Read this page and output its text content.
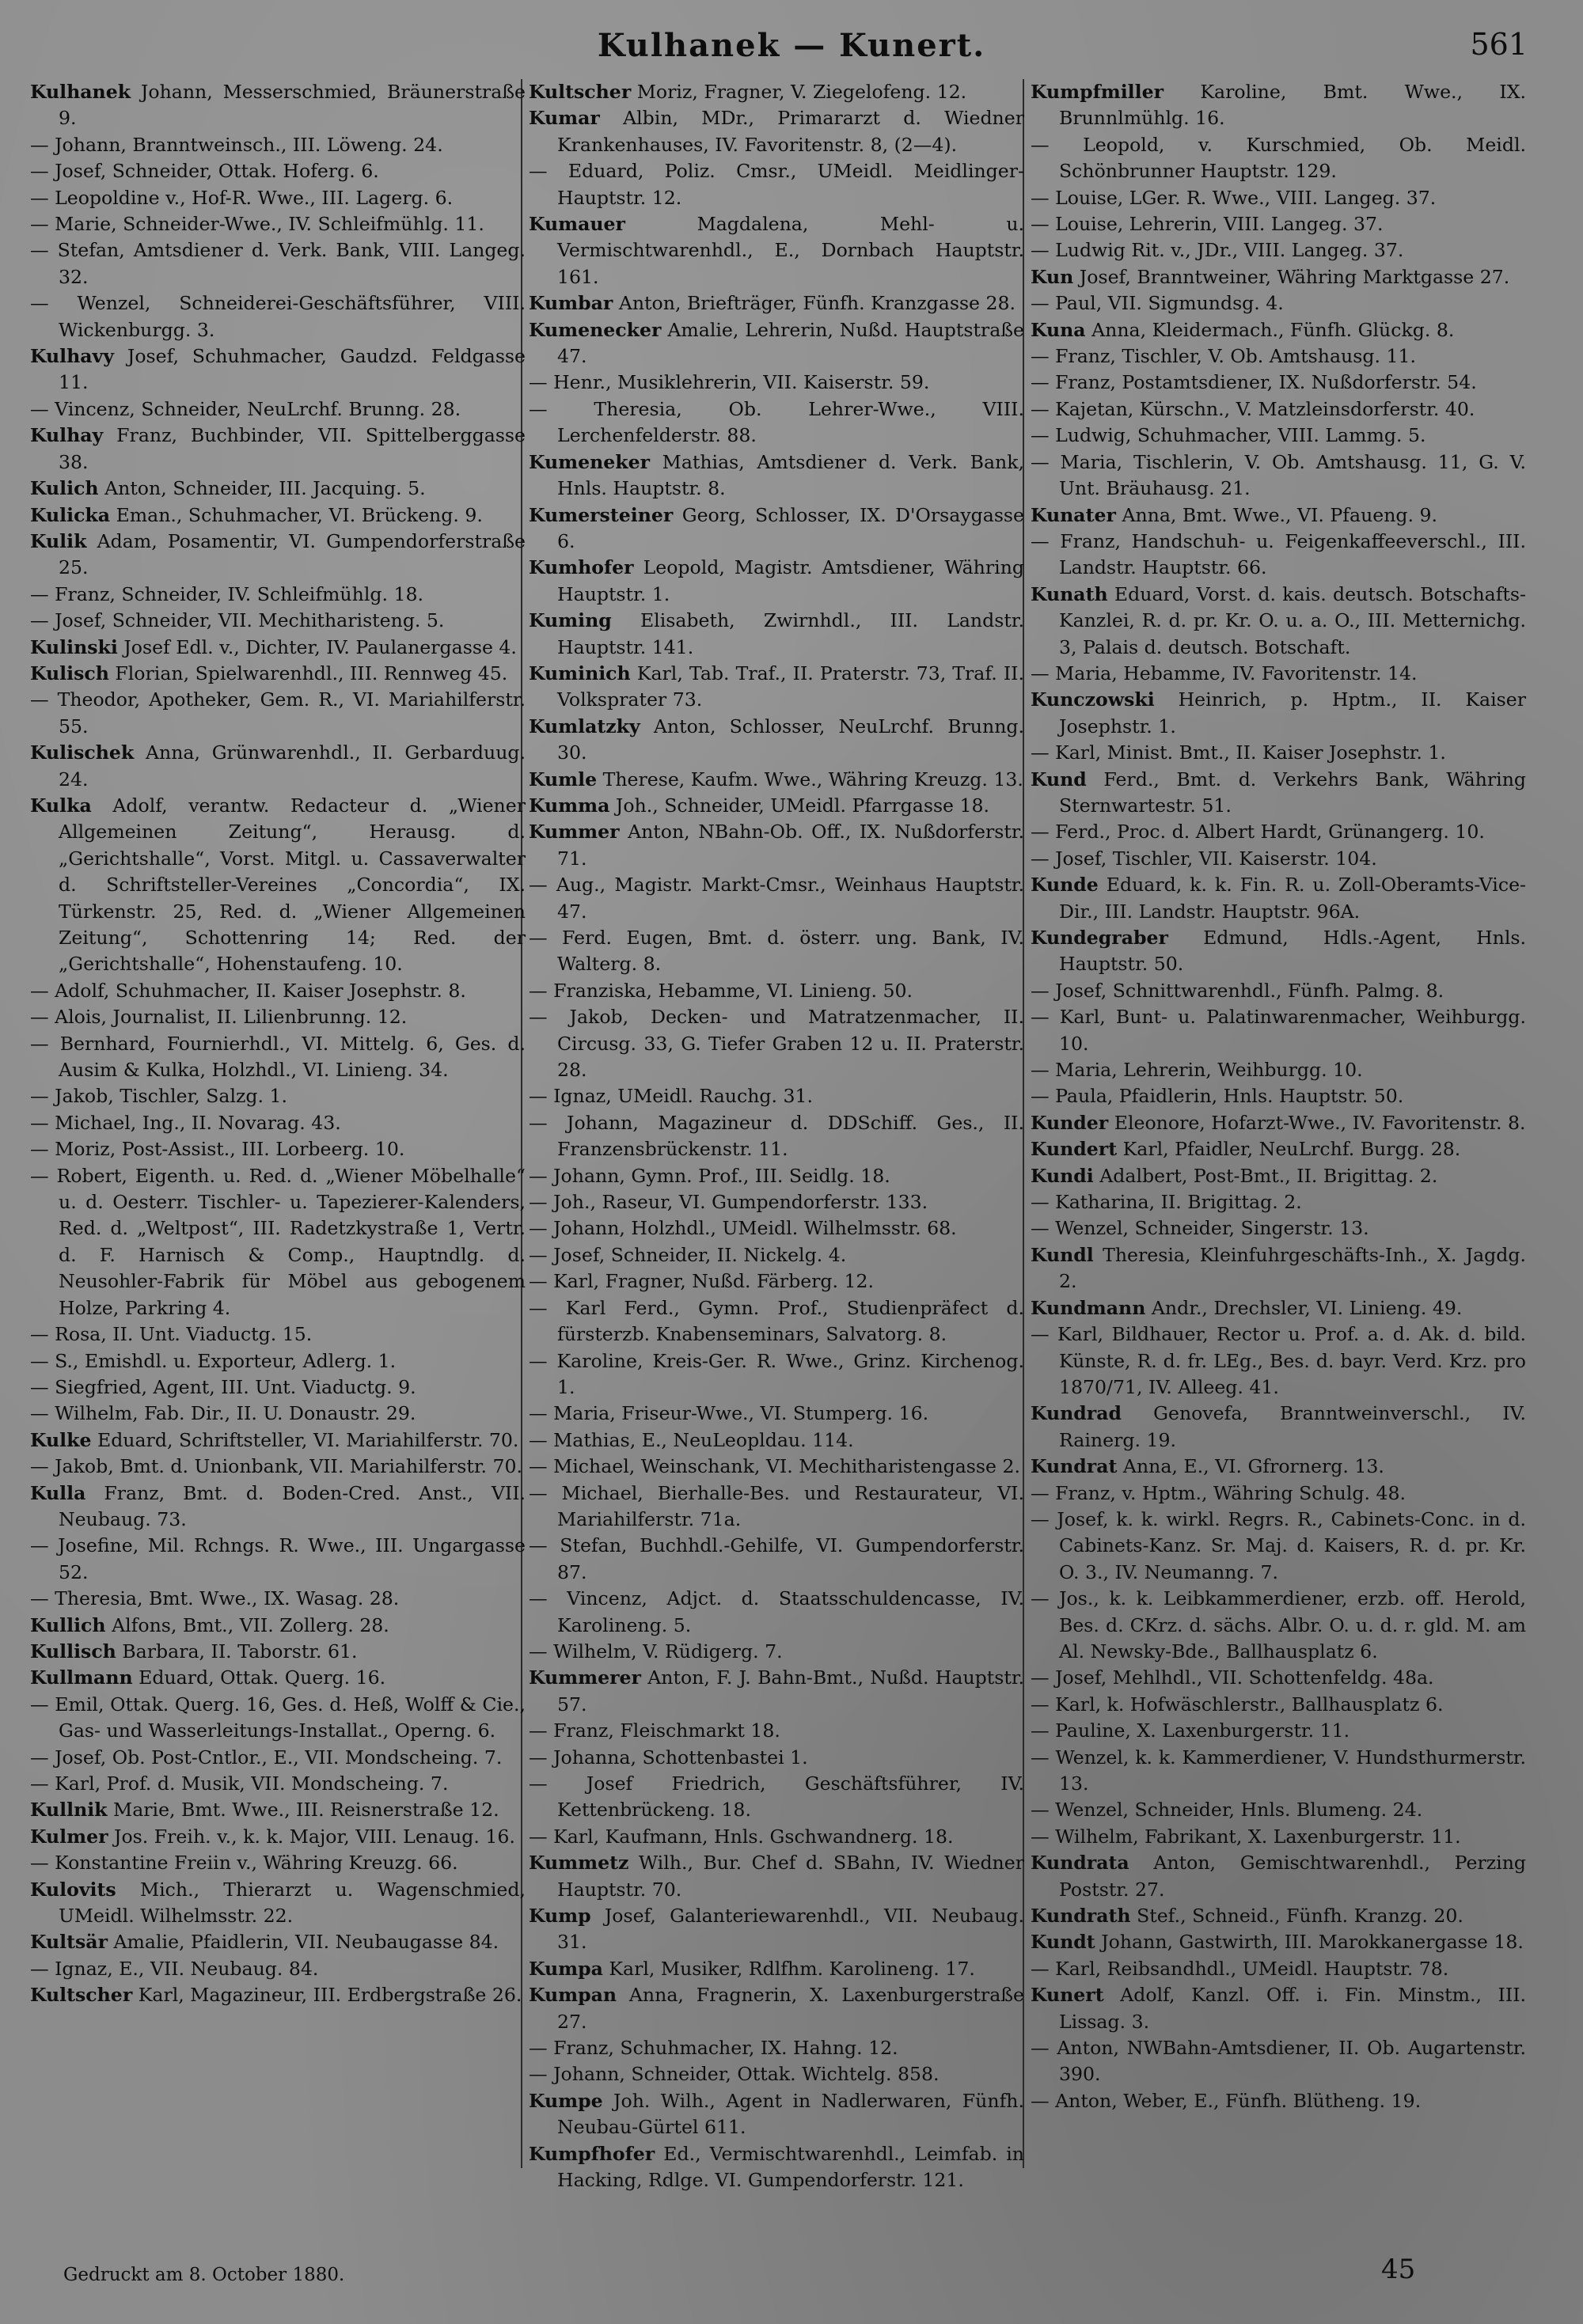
Kulhanek — Kunert.	561

Kulhanek Johann, Messerschmied, Bräunerstraße 9.

— Johann, Branntweinsch., III. Löweng. 24.

— Josef, Schneider, Ottak. Hoferg. 6.

— Leopoldine v., Hof-R. Wwe., III. Lagerg. 6.

— Marie, Schneider-Wwe., IV. Schleifmühlg. 11.

— Stefan, Amtsdiener d. Verk. Bank, VIII. Langeg. 32.

— Wenzel, Schneiderei-Geschäftsführer, VIII. Wickenburgg. 3.

Kulhavy Josef, Schuhmacher, Gaudzd. Feldgasse 11.

— Vincenz, Schneider, NeuLrchf. Brunng. 28.

Kulhay Franz, Buchbinder, VII. Spittelberggasse 38.

Kulich Anton, Schneider, III. Jacquing. 5.

Kulicka Eman., Schuhmacher, VI. Brückeng. 9.

Kulik Adam, Posamentir, VI. Gumpendorferstraße 25.

— Franz, Schneider, IV. Schleifmühlg. 18.

— Josef, Schneider, VII. Mechitharisteng. 5.

Kulinski Josef Edl. v., Dichter, IV. Paulanergasse 4.

Kulisch Florian, Spielwarenhdl., III. Rennweg 45.

— Theodor, Apotheker, Gem. R., VI. Mariahilferstr. 55.

Kulischek Anna, Grünwarenhdl., II. Gerbarduug. 24.

Kulka Adolf, verantw. Redacteur d. „Wiener Allgemeinen Zeitung“, Herausg. d. „Gerichtshalle“, Vorst. Mitgl. u. Cassaverwalter d. Schriftsteller-Vereines „Concordia“, IX. Türkenstr. 25, Red. d. „Wiener Allgemeinen Zeitung“, Schottenring 14; Red. der „Gerichtshalle“, Hohenstaufeng. 10.

— Adolf, Schuhmacher, II. Kaiser Josephstr. 8.

— Alois, Journalist, II. Lilienbrunng. 12.

— Bernhard, Fournierhdl., VI. Mittelg. 6, Ges. d. Ausim & Kulka, Holzhdl., VI. Linieng. 34.

— Jakob, Tischler, Salzg. 1.

— Michael, Ing., II. Novarag. 43.

— Moriz, Post-Assist., III. Lorbeerg. 10.

— Robert, Eigenth. u. Red. d. „Wiener Möbelhalle“ u. d. Oesterr. Tischler- u. Tapezierer-Kalenders, Red. d. „Weltpost“, III. Radetzkystraße 1, Vertr. d. F. Harnisch & Comp., Hauptndlg. d. Neusohler-Fabrik für Möbel aus gebogenem Holze, Parkring 4.

— Rosa, II. Unt. Viaductg. 15.

— S., Emishdl. u. Exporteur, Adlerg. 1.

— Siegfried, Agent, III. Unt. Viaductg. 9.

— Wilhelm, Fab. Dir., II. U. Donaustr. 29.

Kulke Eduard, Schriftsteller, VI. Mariahilferstr. 70.

— Jakob, Bmt. d. Unionbank, VII. Mariahilferstr. 70.

Kulla Franz, Bmt. d. Boden-Cred. Anst., VII. Neubaug. 73.

— Josefine, Mil. Rchngs. R. Wwe., III. Ungargasse 52.

— Theresia, Bmt. Wwe., IX. Wasag. 28.

Kullich Alfons, Bmt., VII. Zollerg. 28.

Kullisch Barbara, II. Taborstr. 61.

Kullmann Eduard, Ottak. Querg. 16.

— Emil, Ottak. Querg. 16, Ges. d. Heß, Wolff & Cie., Gas- und Wasserleitungs-Installat., Operng. 6.

— Josef, Ob. Post-Cntlor., E., VII. Mondscheing. 7.

— Karl, Prof. d. Musik, VII. Mondscheing. 7.

Kullnik Marie, Bmt. Wwe., III. Reisnerstraße 12.

Kulmer Jos. Freih. v., k. k. Major, VIII. Lenaug. 16.

— Konstantine Freiin v., Währing Kreuzg. 66.

Kulovits Mich., Thierarzt u. Wagenschmied, UMeidl. Wilhelmsstr. 22.

Kultsär Amalie, Pfaidlerin, VII. Neubaugasse 84.

— Ignaz, E., VII. Neubaug. 84.

Kultscher Karl, Magazineur, III. Erdbergstraße 26.

Kultscher Moriz, Fragner, V. Ziegelofeng. 12.

Kumar Albin, MDr., Primararzt d. Wiedner Krankenhauses, IV. Favoritenstr. 8, (2—4).

— Eduard, Poliz. Cmsr., UMeidl. Meidlinger-Hauptstr. 12.

Kumauer	Magdalena, Mehl- u. Vermischtwarenhdl., E., Dornbach Hauptstr. 161.

Kumbar Anton, Briefträger, Fünfh. Kranzgasse 28.

Kumenecker Amalie, Lehrerin, Nußd. Hauptstraße 47.

— Henr., Musiklehrerin, VII. Kaiserstr. 59.

— Theresia, Ob. Lehrer-Wwe., VIII. Lerchenfelderstr. 88.

Kumeneker Mathias, Amtsdiener d. Verk. Bank, Hnls. Hauptstr. 8.

Kumersteiner Georg, Schlosser, IX. D'Orsaygasse 6.

Kumhofer Leopold, Magistr. Amtsdiener, Währing Hauptstr. 1.

Kuming Elisabeth, Zwirnhdl., III. Landstr. Hauptstr. 141.

Kuminich Karl, Tab. Traf., II. Praterstr. 73, Traf. II. Volksprater 73.

Kumlatzky Anton, Schlosser, NeuLrchf. Brunng. 30.

Kumle Therese, Kaufm. Wwe., Währing Kreuzg. 13.

Kumma Joh., Schneider, UMeidl. Pfarrgasse 18.

Kummer Anton, NBahn-Ob. Off., IX. Nußdorferstr. 71.

— Aug., Magistr. Markt-Cmsr., Weinhaus Hauptstr. 47.

— Ferd. Eugen, Bmt. d. österr. ung. Bank, IV. Walterg. 8.

— Franziska, Hebamme, VI. Linieng. 50.

— Jakob, Decken- und Matratzenmacher, II. Circusg. 33, G. Tiefer Graben 12 u. II. Praterstr. 28.

— Ignaz, UMeidl. Rauchg. 31.

— Johann, Magazineur d. DDSchiff. Ges., II. Franzensbrückenstr. 11.

— Johann, Gymn. Prof., III. Seidlg. 18.

— Joh., Raseur, VI. Gumpendorferstr. 133.

— Johann, Holzhdl., UMeidl. Wilhelmsstr. 68.

— Josef, Schneider, II. Nickelg. 4.

— Karl, Fragner, Nußd. Färberg. 12.

— Karl Ferd., Gymn. Prof., Studienpräfect d. fürsterzb. Knabenseminars, Salvatorg. 8.

— Karoline, Kreis-Ger. R. Wwe., Grinz. Kirchenog. 1.

— Maria, Friseur-Wwe., VI. Stumperg. 16.

— Mathias, E., NeuLeopldau. 114.

— Michael, Weinschank, VI. Mechitharistengasse 2.

— Michael, Bierhalle-Bes. und Restaurateur, VI. Mariahilferstr. 71a.

— Stefan, Buchhdl.-Gehilfe, VI. Gumpendorferstr. 87.

— Vincenz, Adjct. d. Staatsschuldencasse, IV. Karolineng. 5.

— Wilhelm, V. Rüdigerg. 7.

Kummerer Anton, F. J. Bahn-Bmt., Nußd. Hauptstr. 57.

— Franz, Fleischmarkt 18.

— Johanna, Schottenbastei 1.

— Josef Friedrich, Geschäftsführer, IV. Kettenbrückeng. 18.

— Karl, Kaufmann, Hnls. Gschwandnerg. 18.

Kummetz Wilh., Bur. Chef d. SBahn, IV. Wiedner Hauptstr. 70.

Kump Josef, Galanteriewarenhdl., VII. Neubaug. 31.

Kumpa Karl, Musiker, Rdlfhm. Karolineng. 17.

Kumpan Anna, Fragnerin, X. Laxenburgerstraße 27.

— Franz, Schuhmacher, IX. Hahng. 12.

— Johann, Schneider, Ottak. Wichtelg. 858.

Kumpe Joh. Wilh., Agent in Nadlerwaren, Fünfh. Neubau-Gürtel 611.

Kumpfhofer Ed., Vermischtwarenhdl., Leimfab. in Hacking, Rdlge. VI. Gumpendorferstr. 121.

Kumpfmiller Karoline, Bmt. Wwe., IX. Brunnlmühlg. 16.

— Leopold, v. Kurschmied, Ob. Meidl. Schönbrunner Hauptstr. 129.

— Louise, LGer. R. Wwe., VIII. Langeg. 37.

— Louise, Lehrerin, VIII. Langeg. 37.

— Ludwig Rit. v., JDr., VIII. Langeg. 37.

Kun Josef, Branntweiner, Währing Marktgasse 27.

— Paul, VII. Sigmundsg. 4.

Kuna Anna, Kleidermach., Fünfh. Glückg. 8.

— Franz, Tischler, V. Ob. Amtshausg. 11.

— Franz, Postamtsdiener, IX. Nußdorferstr. 54.

— Kajetan, Kürschn., V. Matzleinsdorferstr. 40.

— Ludwig, Schuhmacher, VIII. Lammg. 5.

— Maria, Tischlerin, V. Ob. Amtshausg. 11, G. V. Unt. Bräuhausg. 21.

Kunater Anna, Bmt. Wwe., VI. Pfaueng. 9.

— Franz, Handschuh- u. Feigenkaffeeverschl., III. Landstr. Hauptstr. 66.

Kunath Eduard, Vorst. d. kais. deutsch. Botschafts-Kanzlei, R. d. pr. Kr. O. u. a. O., III. Metternichg. 3, Palais d. deutsch. Botschaft.

— Maria, Hebamme, IV. Favoritenstr. 14.

Kunczowski Heinrich, p. Hptm., II. Kaiser Josephstr. 1.

— Karl, Minist. Bmt., II. Kaiser Josephstr. 1.

Kund Ferd., Bmt. d. Verkehrs Bank, Währing Sternwartestr. 51.

— Ferd., Proc. d. Albert Hardt, Grünangerg. 10.

— Josef, Tischler, VII. Kaiserstr. 104.

Kunde Eduard, k. k. Fin. R. u. Zoll-Oberamts-Vice-Dir., III. Landstr. Hauptstr. 96A.

Kundegraber Edmund, Hdls.-Agent, Hnls. Hauptstr. 50.

— Josef, Schnittwarenhdl., Fünfh. Palmg. 8.

— Karl, Bunt- u. Palatinwarenmacher, Weihburgg. 10.

— Maria, Lehrerin, Weihburgg. 10.

— Paula, Pfaidlerin, Hnls. Hauptstr. 50.

Kunder Eleonore, Hofarzt-Wwe., IV. Favoritenstr. 8.

Kundert Karl, Pfaidler, NeuLrchf. Burgg. 28.

Kundi Adalbert, Post-Bmt., II. Brigittag. 2.

— Katharina, II. Brigittag. 2.

— Wenzel, Schneider, Singerstr. 13.

Kundl Theresia, Kleinfuhrgeschäfts-Inh., X. Jagdg. 2.

Kundmann Andr., Drechsler, VI. Linieng. 49.

— Karl, Bildhauer, Rector u. Prof. a. d. Ak. d. bild. Künste, R. d. fr. LEg., Bes. d. bayr. Verd. Krz. pro 1870/71, IV. Alleeg. 41.

Kundrad Genovefa, Branntweinverschl., IV. Rainerg. 19.

Kundrat Anna, E., VI. Gfrornerg. 13.

— Franz, v. Hptm., Währing Schulg. 48.

— Josef, k. k. wirkl. Regrs. R., Cabinets-Conc. in d. Cabinets-Kanz. Sr. Maj. d. Kaisers, R. d. pr. Kr. O. 3., IV. Neumanng. 7.

— Jos., k. k. Leibkammerdiener, erzb. off. Herold, Bes. d. CKrz. d. sächs. Albr. O. u. d. r. gld. M. am Al. Newsky-Bde., Ballhausplatz 6.

— Josef, Mehlhdl., VII. Schottenfeldg. 48a.

— Karl, k. Hofwäschlerstr., Ballhausplatz 6.

— Pauline, X. Laxenburgerstr. 11.

— Wenzel, k. k. Kammerdiener, V. Hundsthurmerstr. 13.

— Wenzel, Schneider, Hnls. Blumeng. 24.

— Wilhelm, Fabrikant, X. Laxenburgerstr. 11.

Kundrata Anton, Gemischtwarenhdl., Perzing Poststr. 27.

Kundrath Stef., Schneid., Fünfh. Kranzg. 20.

Kundt Johann, Gastwirth, III. Marokkanergasse 18.

— Karl, Reibsandhdl., UMeidl. Hauptstr. 78.

Kunert Adolf, Kanzl. Off. i. Fin. Minstm., III. Lissag. 3.

— Anton, NWBahn-Amtsdiener, II. Ob. Augartenstr. 390.

— Anton, Weber, E., Fünfh. Blütheng. 19.

Gedruckt am 8. October 1880.	45
